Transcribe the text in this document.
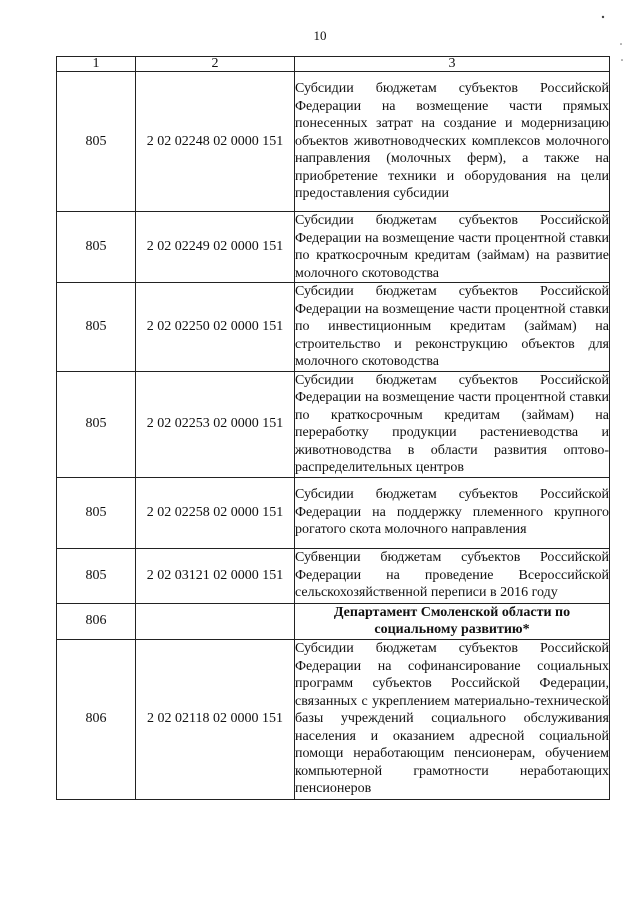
10
1	2	3
805	2 02 02248 02 0000 151	Субсидии бюджетам субъектов Российской Федерации на возмещение части прямых понесенных затрат на создание и модернизацию объектов животноводческих комплексов молочного направления (молочных ферм), а также на приобретение техники и оборудования на цели предоставления субсидии
805	2 02 02249 02 0000 151	Субсидии бюджетам субъектов Российской Федерации на возмещение части процентной ставки по краткосрочным кредитам (займам) на развитие молочного скотоводства
805	2 02 02250 02 0000 151	Субсидии бюджетам субъектов Российской Федерации на возмещение части процентной ставки по инвестиционным кредитам (займам) на строительство и реконструкцию объектов для молочного скотоводства
805	2 02 02253 02 0000 151	Субсидии бюджетам субъектов Российской Федерации на возмещение части процентной ставки по краткосрочным кредитам (займам) на переработку продукции растениеводства и животноводства в области развития оптово-распределительных центров
805	2 02 02258 02 0000 151	Субсидии бюджетам субъектов Российской Федерации на поддержку племенного крупного рогатого скота молочного направления
805	2 02 03121 02 0000 151	Субвенции бюджетам субъектов Российской Федерации на проведение Всероссийской сельскохозяйственной переписи в 2016 году
806		Департамент Смоленской области по социальному развитию*
806	2 02 02118 02 0000 151	Субсидии бюджетам субъектов Российской Федерации на софинансирование социальных программ субъектов Российской Федерации, связанных с укреплением материально-технической базы учреждений социального обслуживания населения и оказанием адресной социальной помощи неработающим пенсионерам, обучением компьютерной грамотности неработающих пенсионеров
